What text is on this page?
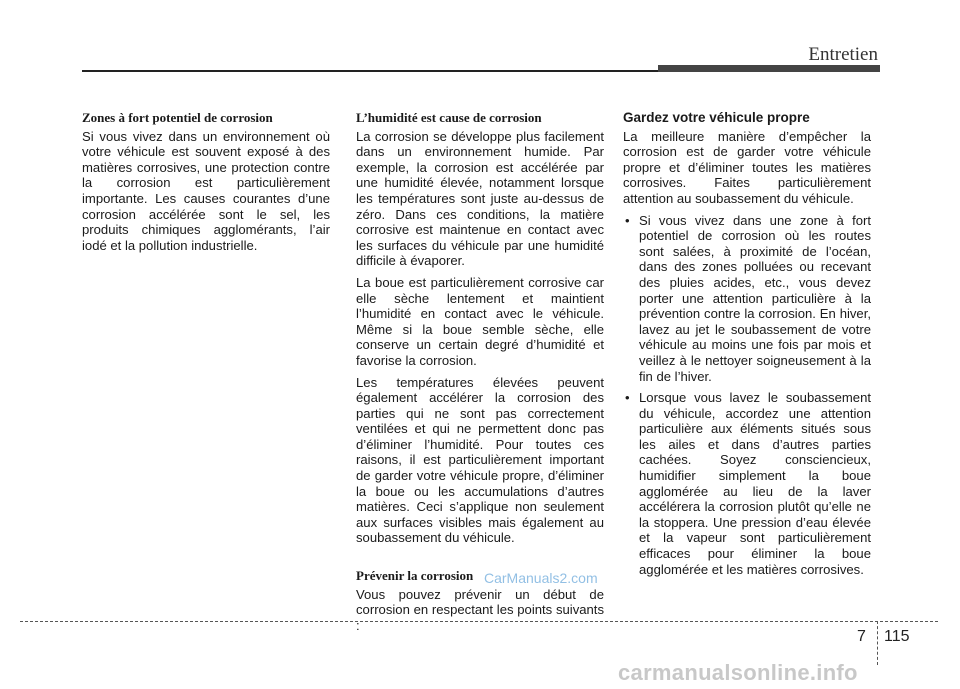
Entretien
Zones à fort potentiel de corrosion

Si vous vivez dans un environnement où votre véhicule est souvent exposé à des matières corrosives, une protection contre la corrosion est particulièrement importante. Les causes courantes d’une corrosion accélérée sont le sel, les produits chimiques agglomérants, l’air iodé et la pollution industrielle.

L’humidité est cause de corrosion

La corrosion se développe plus facilement dans un environnement humide. Par exemple, la corrosion est accélérée par une humidité élevée, notamment lorsque les températures sont juste au-dessus de zéro. Dans ces conditions, la matière corrosive est maintenue en contact avec les surfaces du véhicule par une humidité difficile à évaporer.

La boue est particulièrement corrosive car elle sèche lentement et maintient l’humidité en contact avec le véhicule. Même si la boue semble sèche, elle conserve un certain degré d’humidité et favorise la corrosion.

Les températures élevées peuvent également accélérer la corrosion des parties qui ne sont pas correctement ventilées et qui ne permettent donc pas d’éliminer l’humidité. Pour toutes ces raisons, il est particulièrement important de garder votre véhicule propre, d’éliminer la boue ou les accumulations d’autres matières. Ceci s’applique non seulement aux surfaces visibles mais également au soubassement du véhicule.

Prévenir la corrosion

Vous pouvez prévenir un début de corrosion en respectant les points suivants :

Gardez votre véhicule propre

La meilleure manière d’empêcher la corrosion est de garder votre véhicule propre et d’éliminer toutes les matières corrosives. Faites particulièrement attention au soubassement du véhicule.

• Si vous vivez dans une zone à fort potentiel de corrosion où les routes sont salées, à proximité de l’océan, dans des zones polluées ou recevant des pluies acides, etc., vous devez porter une attention particulière à la prévention contre la corrosion. En hiver, lavez au jet le soubassement de votre véhicule au moins une fois par mois et veillez à le nettoyer soigneusement à la fin de l’hiver.
• Lorsque vous lavez le soubassement du véhicule, accordez une attention particulière aux éléments situés sous les ailes et dans d’autres parties cachées. Soyez consciencieux, humidifier simplement la boue agglomérée au lieu de la laver accélérera la corrosion plutôt qu’elle ne la stoppera. Une pression d’eau élevée et la vapeur sont particulièrement efficaces pour éliminer la boue agglomérée et les matières corrosives.
CarManuals2.com
7 115
carmanualsonline.info
